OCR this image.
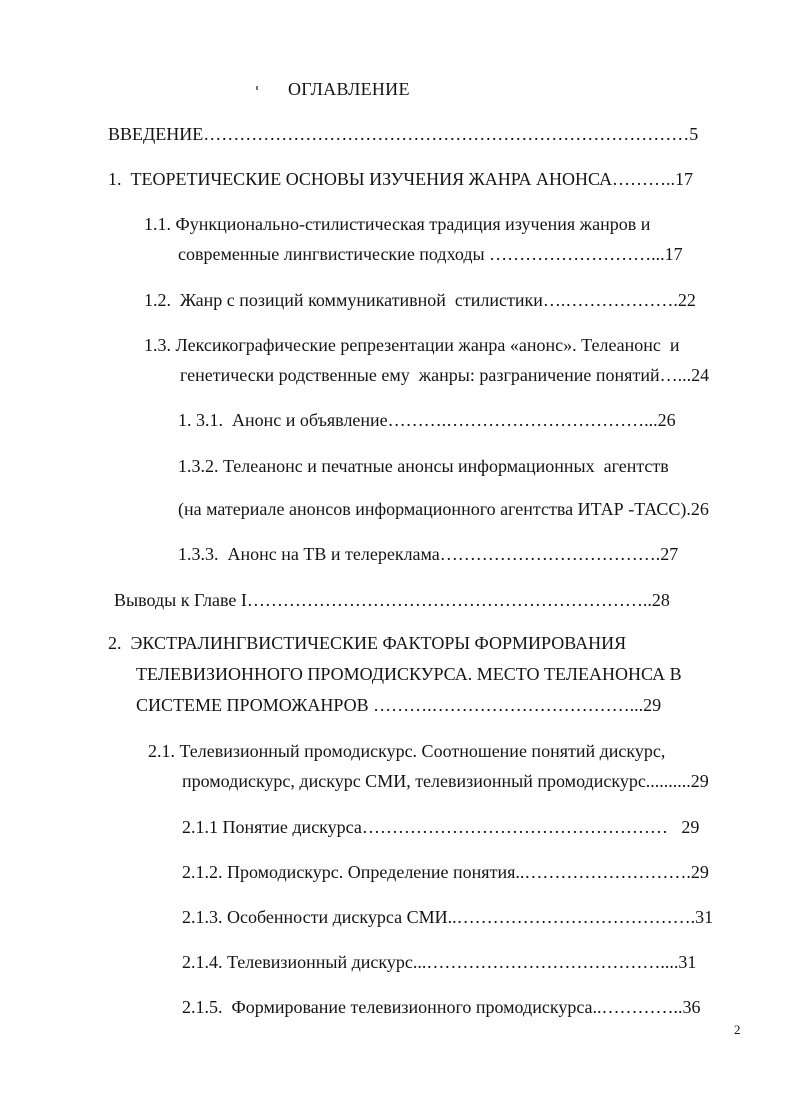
ОГЛАВЛЕНИЕ
ВВЕДЕНИЕ………………………………………………………………………5
1.  ТЕОРЕТИЧЕСКИЕ ОСНОВЫ ИЗУЧЕНИЯ ЖАНРА АНОНСА………..17
1.1. Функционально-стилистическая традиция изучения жанров и
современные лингвистические подходы ………………………...17
1.2.  Жанр с позиций коммуникативной  стилистики….……………….22
1.3. Лексикографические репрезентации жанра «анонс». Телеанонс  и
генетически родственные ему  жанры: разграничение понятий…...24
1. 3.1.  Анонс и объявление……….……………………………...26
1.3.2. Телеанонс и печатные анонсы информационных  агентств
(на материале анонсов информационного агентства ИТАР -ТАСС).26
1.3.3.  Анонс на ТВ и телереклама……………………………….27
Выводы к Главе I…………………………………………………………..28
2.  ЭКСТРАЛИНГВИСТИЧЕСКИЕ ФАКТОРЫ ФОРМИРОВАНИЯ
ТЕЛЕВИЗИОННОГО ПРОМОДИСКУРСА. МЕСТО ТЕЛЕАНОНСА В
СИСТЕМЕ ПРОМОЖАНРОВ ……….……………………………...29
2.1. Телевизионный промодискурс. Соотношение понятий дискурс,
промодискурс, дискурс СМИ, телевизионный промодискурс..........29
2.1.1 Понятие дискурса……………………………………………   29
2.1.2. Промодискурс. Определение понятия..……………………….29
2.1.3. Особенности дискурса СМИ..………………………………….31
2.1.4. Телевизионный дискурс...…………………………………....31
2.1.5.  Формирование телевизионного промодискурса..…………..36
2
